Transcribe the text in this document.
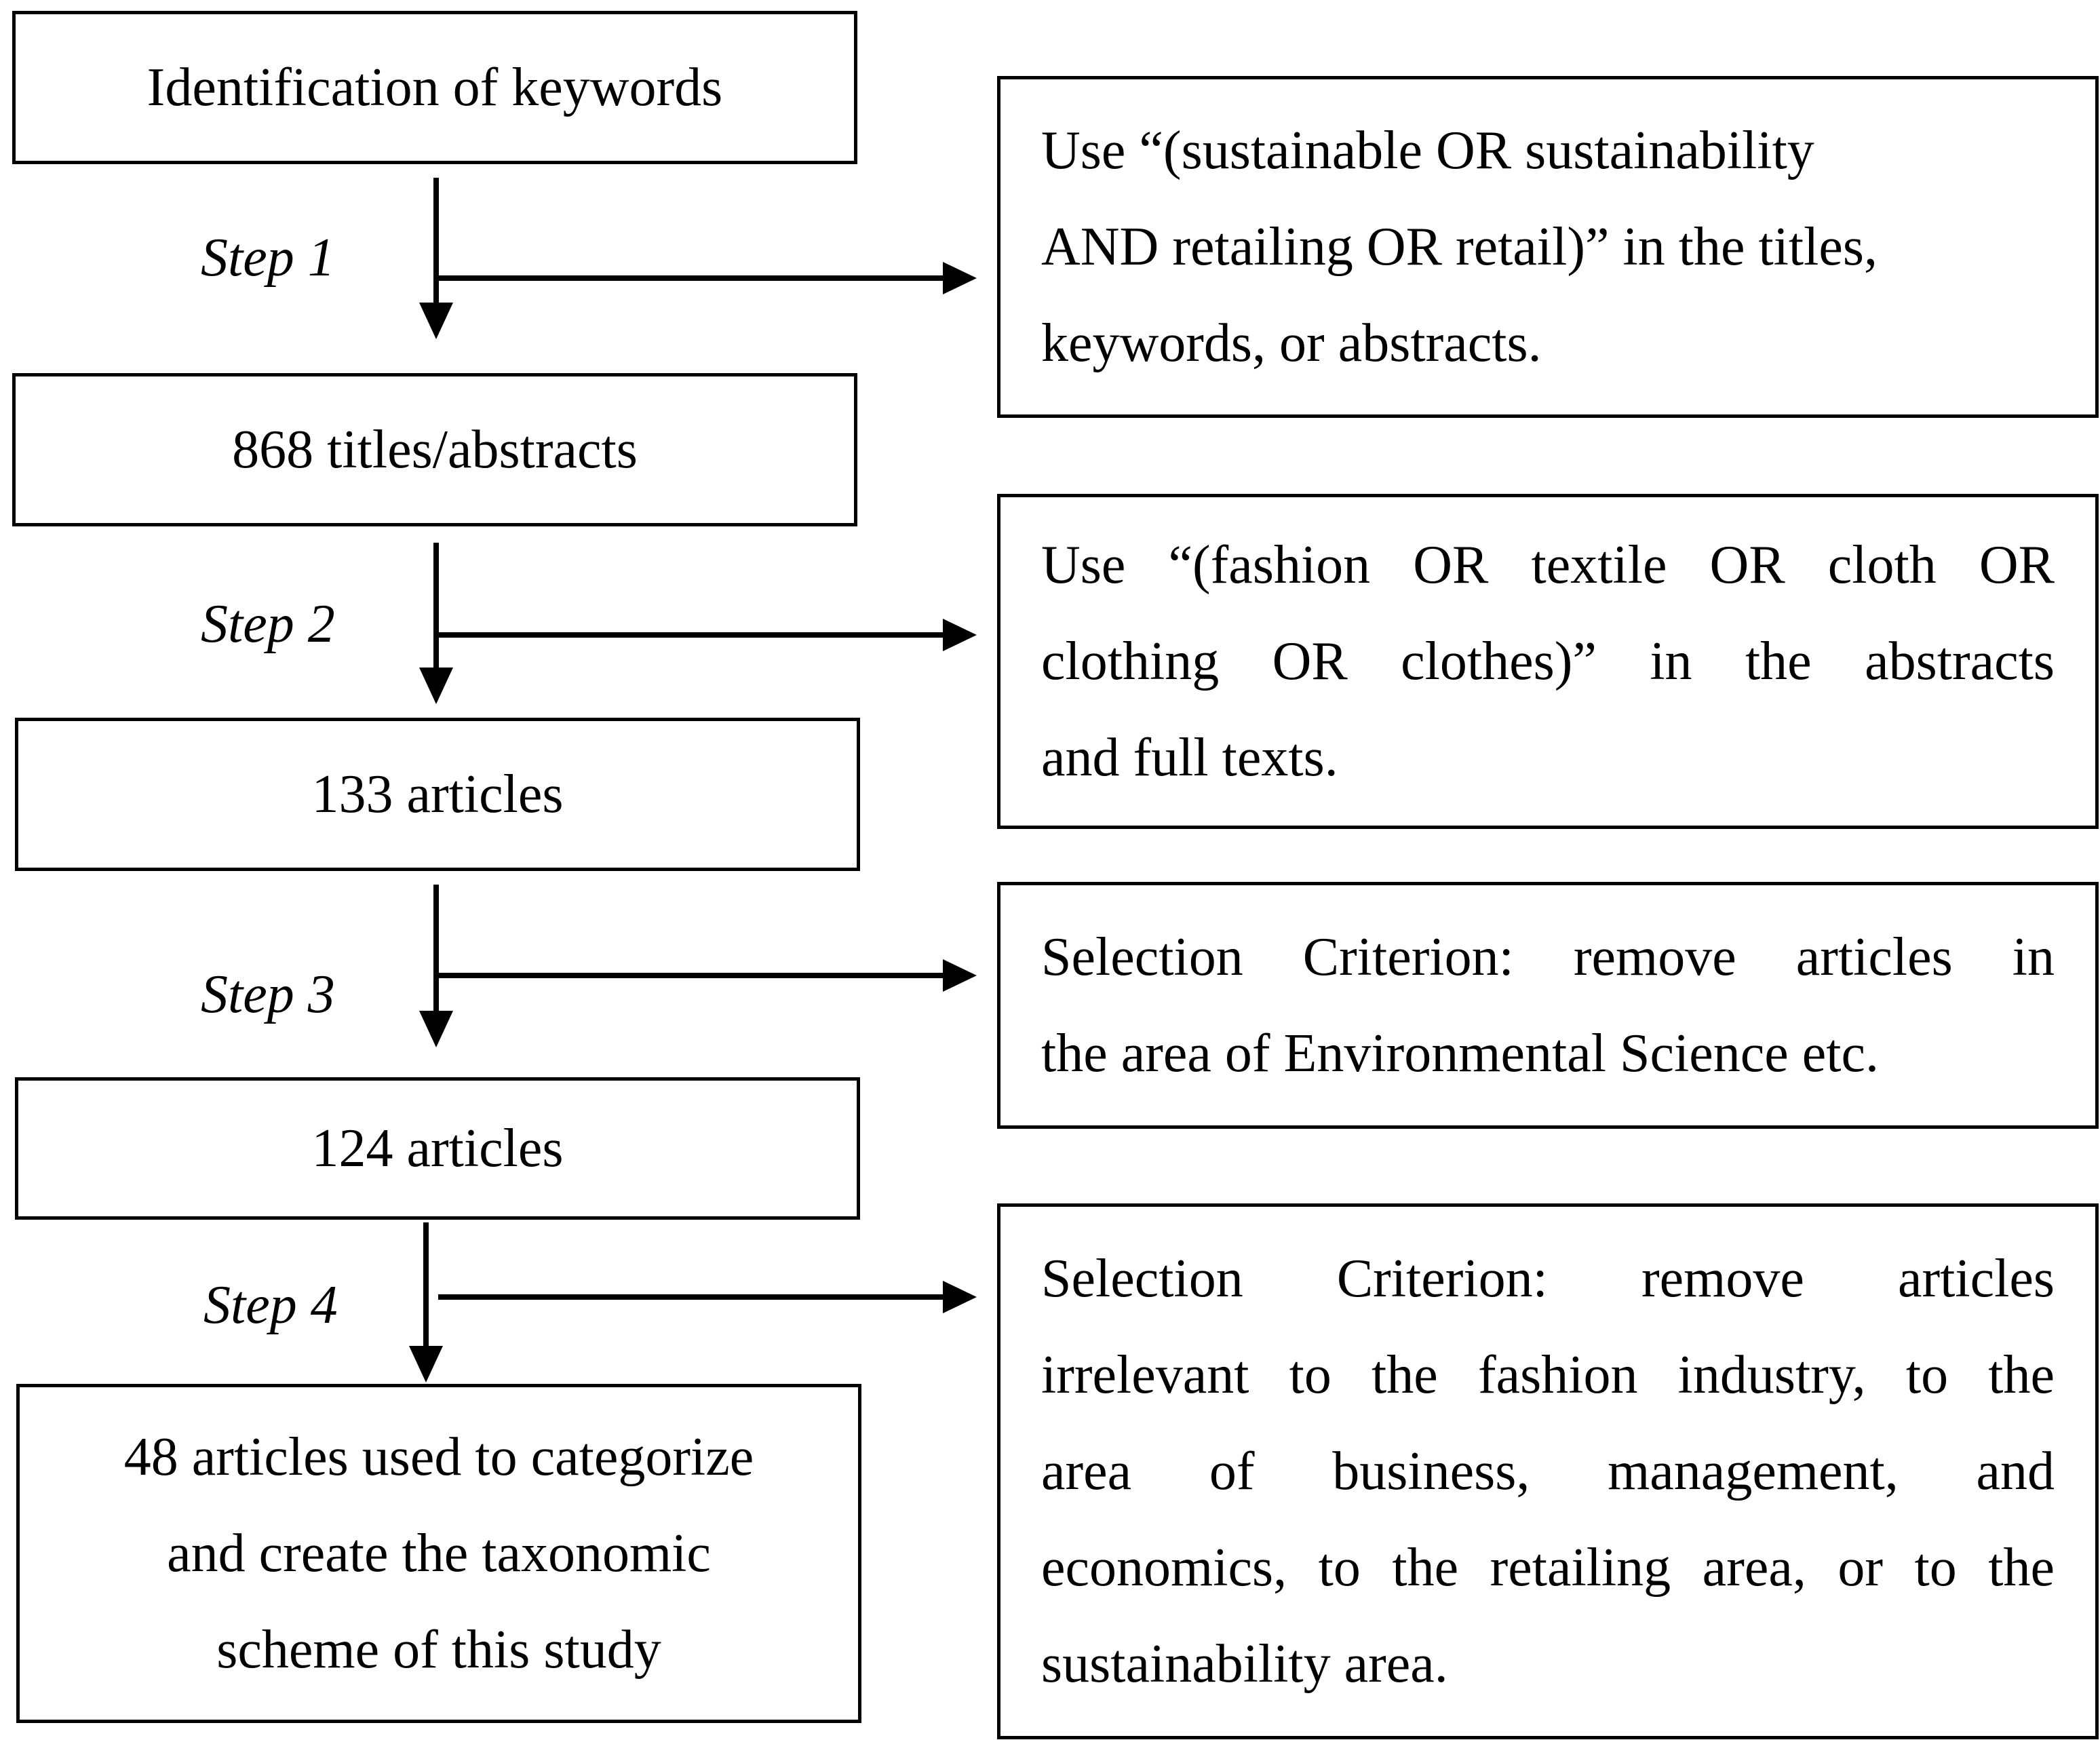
Identification of keywords
868 titles/abstracts
133 articles
124 articles
48 articles used to categorize
and create the taxonomic
scheme of this study
Step 1
Step 2
Step 3
Step 4
Use “(sustainable OR sustainability
AND retailing OR retail)” in the titles,
keywords, or abstracts.
Use “(fashion OR textile OR cloth OR
clothing OR clothes)” in the abstracts
and full texts.
Selection Criterion: remove articles in
the area of Environmental Science etc.
Selection Criterion: remove articles
irrelevant to the fashion industry, to the
area of business, management, and
economics, to the retailing area, or to the
sustainability area.
